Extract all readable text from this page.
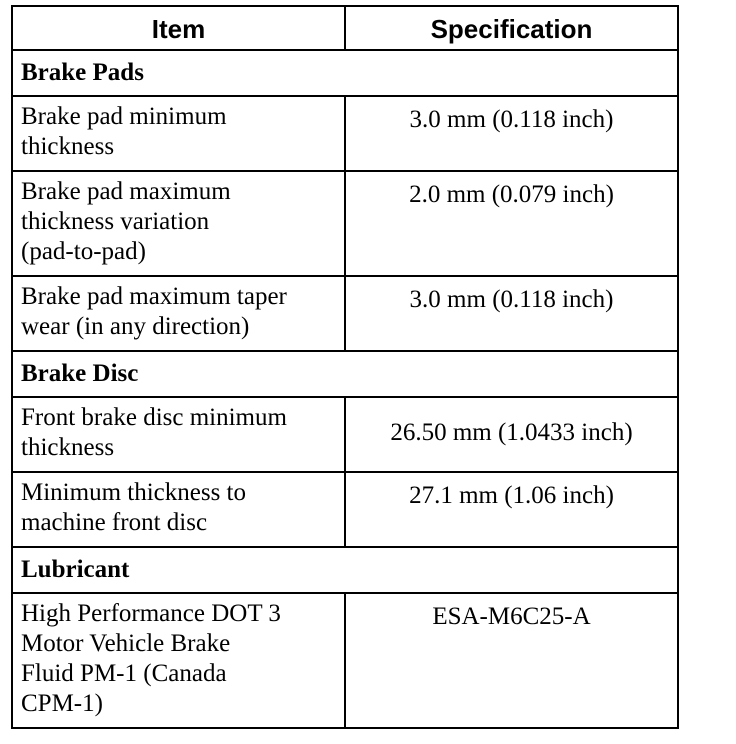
Item	Specification
Brake Pads	

Brake pad minimum
thickness	3.0 mm (0.118 inch)

Brake pad maximum
thickness variation
(pad-to-pad)	2.0 mm (0.079 inch)

Brake pad maximum taper
wear (in any direction)	3.0 mm (0.118 inch)
Brake Disc	

Front brake disc minimum
thickness	26.50 mm (1.0433 inch)

Minimum thickness to
machine front disc	27.1 mm (1.06 inch)
Lubricant	

High Performance DOT 3
Motor Vehicle Brake
Fluid PM-1 (Canada
CPM-1)	ESA-M6C25-A
